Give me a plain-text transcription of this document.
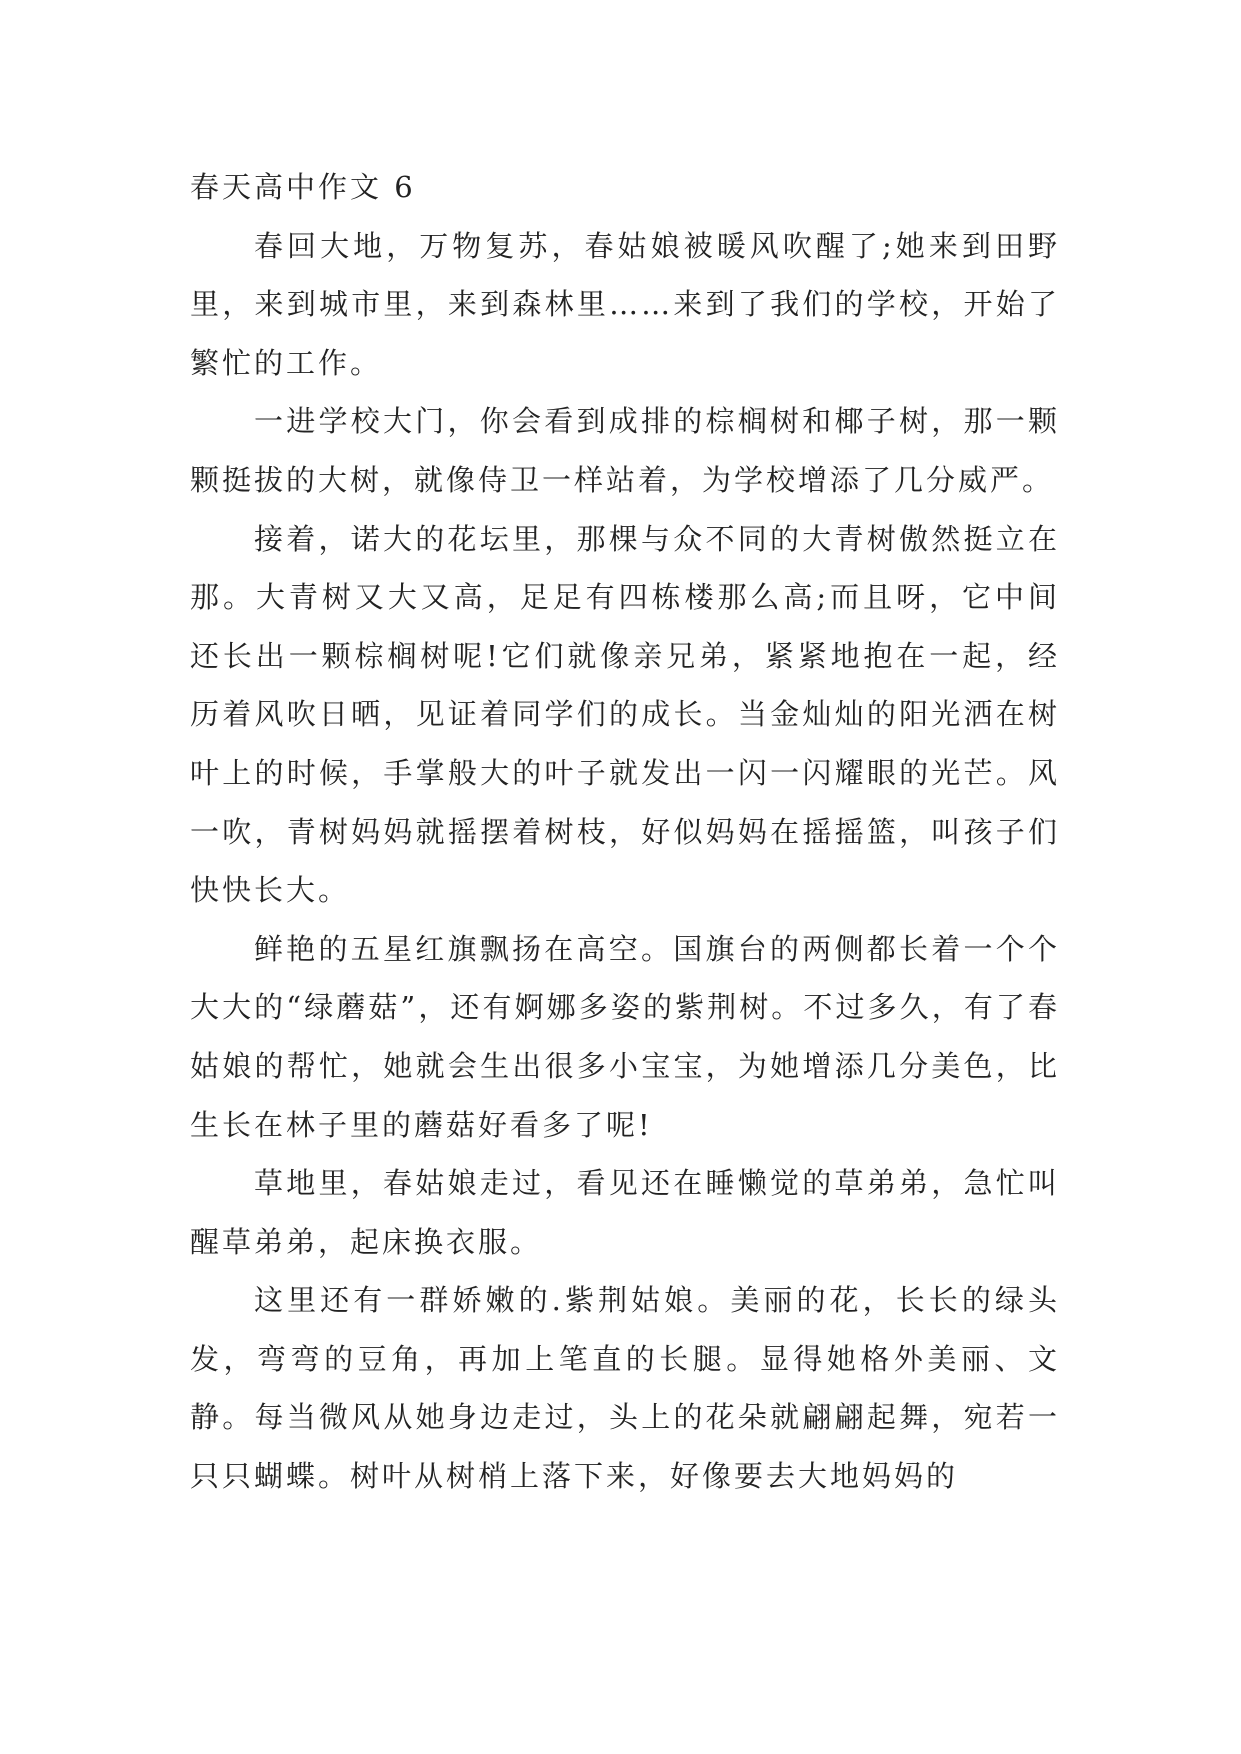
春天高中作文 6

春回大地，万物复苏，春姑娘被暖风吹醒了;她来到田野里，来到城市里，来到森林里……来到了我们的学校，开始了繁忙的工作。

一进学校大门，你会看到成排的棕榈树和椰子树，那一颗颗挺拔的大树，就像侍卫一样站着，为学校增添了几分威严。

接着，诺大的花坛里，那棵与众不同的大青树傲然挺立在那。大青树又大又高，足足有四栋楼那么高;而且呀，它中间还长出一颗棕榈树呢!它们就像亲兄弟，紧紧地抱在一起，经历着风吹日晒，见证着同学们的成长。当金灿灿的阳光洒在树叶上的时候，手掌般大的叶子就发出一闪一闪耀眼的光芒。风一吹，青树妈妈就摇摆着树枝，好似妈妈在摇摇篮，叫孩子们快快长大。

鲜艳的五星红旗飘扬在高空。国旗台的两侧都长着一个个大大的“绿蘑菇”，还有婀娜多姿的紫荆树。不过多久，有了春姑娘的帮忙，她就会生出很多小宝宝，为她增添几分美色，比生长在林子里的蘑菇好看多了呢!

草地里，春姑娘走过，看见还在睡懒觉的草弟弟，急忙叫醒草弟弟，起床换衣服。

这里还有一群娇嫩的.紫荆姑娘。美丽的花，长长的绿头发，弯弯的豆角，再加上笔直的长腿。显得她格外美丽、文静。每当微风从她身边走过，头上的花朵就翩翩起舞，宛若一只只蝴蝶。树叶从树梢上落下来，好像要去大地妈妈的
